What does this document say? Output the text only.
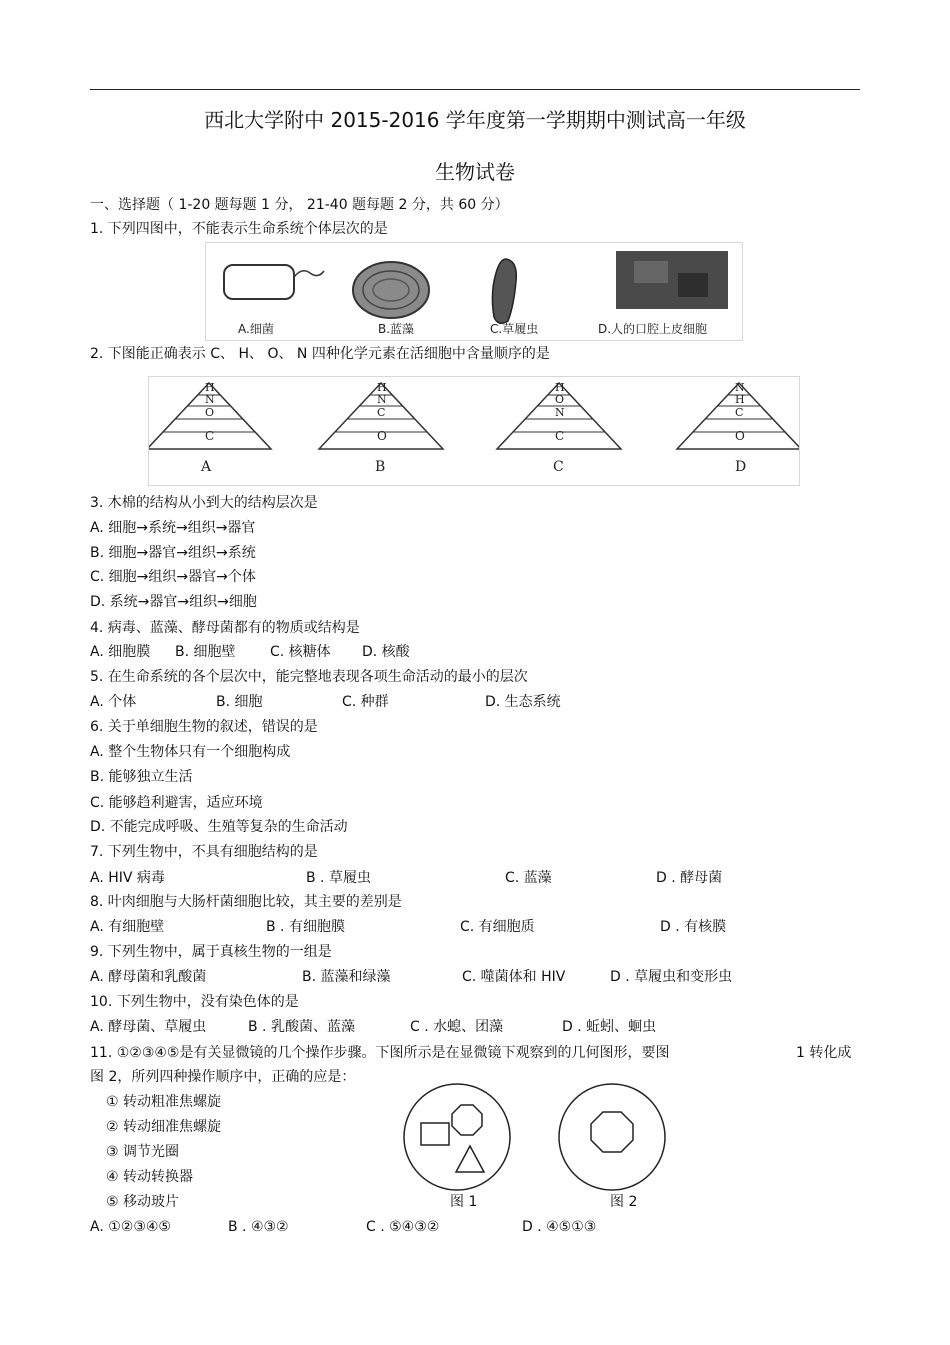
西北大学附中 2015-2016 学年度第一学期期中测试高一年级
生物试卷
一、选择题（ 1-20 题每题 1 分， 21-40 题每题 2 分，共 60 分）
1. 下列四图中，不能表示生命系统个体层次的是
A.细菌	B.蓝藻	C.草履虫	D.人的口腔上皮细胞
2. 下图能正确表示 C、 H、 O、 N 四种化学元素在活细胞中含量顺序的是
H
N
O
C
A
H
N
C
O
B
H
O
N
C
C
N
H
C
O
D
3. 木棉的结构从小到大的结构层次是
A. 细胞→系统→组织→器官
B. 细胞→器官→组织→系统
C. 细胞→组织→器官→个体
D. 系统→器官→组织→细胞
4. 病毒、蓝藻、酵母菌都有的物质或结构是
A. 细胞膜 B. 细胞壁 C. 核糖体 D. 核酸
5. 在生命系统的各个层次中，能完整地表现各项生命活动的最小的层次
A. 个体	B. 细胞	C. 种群	D. 生态系统
6. 关于单细胞生物的叙述，错误的是
A. 整个生物体只有一个细胞构成
B. 能够独立生活
C. 能够趋利避害，适应环境
D. 不能完成呼吸、生殖等复杂的生命活动
7. 下列生物中，不具有细胞结构的是
A. HIV 病毒	B . 草履虫	C. 蓝藻	D . 酵母菌
8. 叶肉细胞与大肠杆菌细胞比较，其主要的差别是
A. 有细胞壁	B . 有细胞膜	C. 有细胞质	D . 有核膜
9. 下列生物中，属于真核生物的一组是
A. 酵母菌和乳酸菌	B. 蓝藻和绿藻	C. 噬菌体和 HIV	D . 草履虫和变形虫
10. 下列生物中，没有染色体的是
A. 酵母菌、草履虫	B . 乳酸菌、蓝藻	C . 水螅、团藻	D . 蚯蚓、蛔虫
11. ①②③④⑤是有关显微镜的几个操作步骤。下图所示是在显微镜下观察到的几何图形，要图	1 转化成
图 2，所列四种操作顺序中，正确的应是：
① 转动粗准焦螺旋
② 转动细准焦螺旋
③ 调节光圈
④ 转动转换器
⑤ 移动玻片	图 1	图 2
A. ①②③④⑤	B . ④③②	C . ⑤④③②	D . ④⑤①③
